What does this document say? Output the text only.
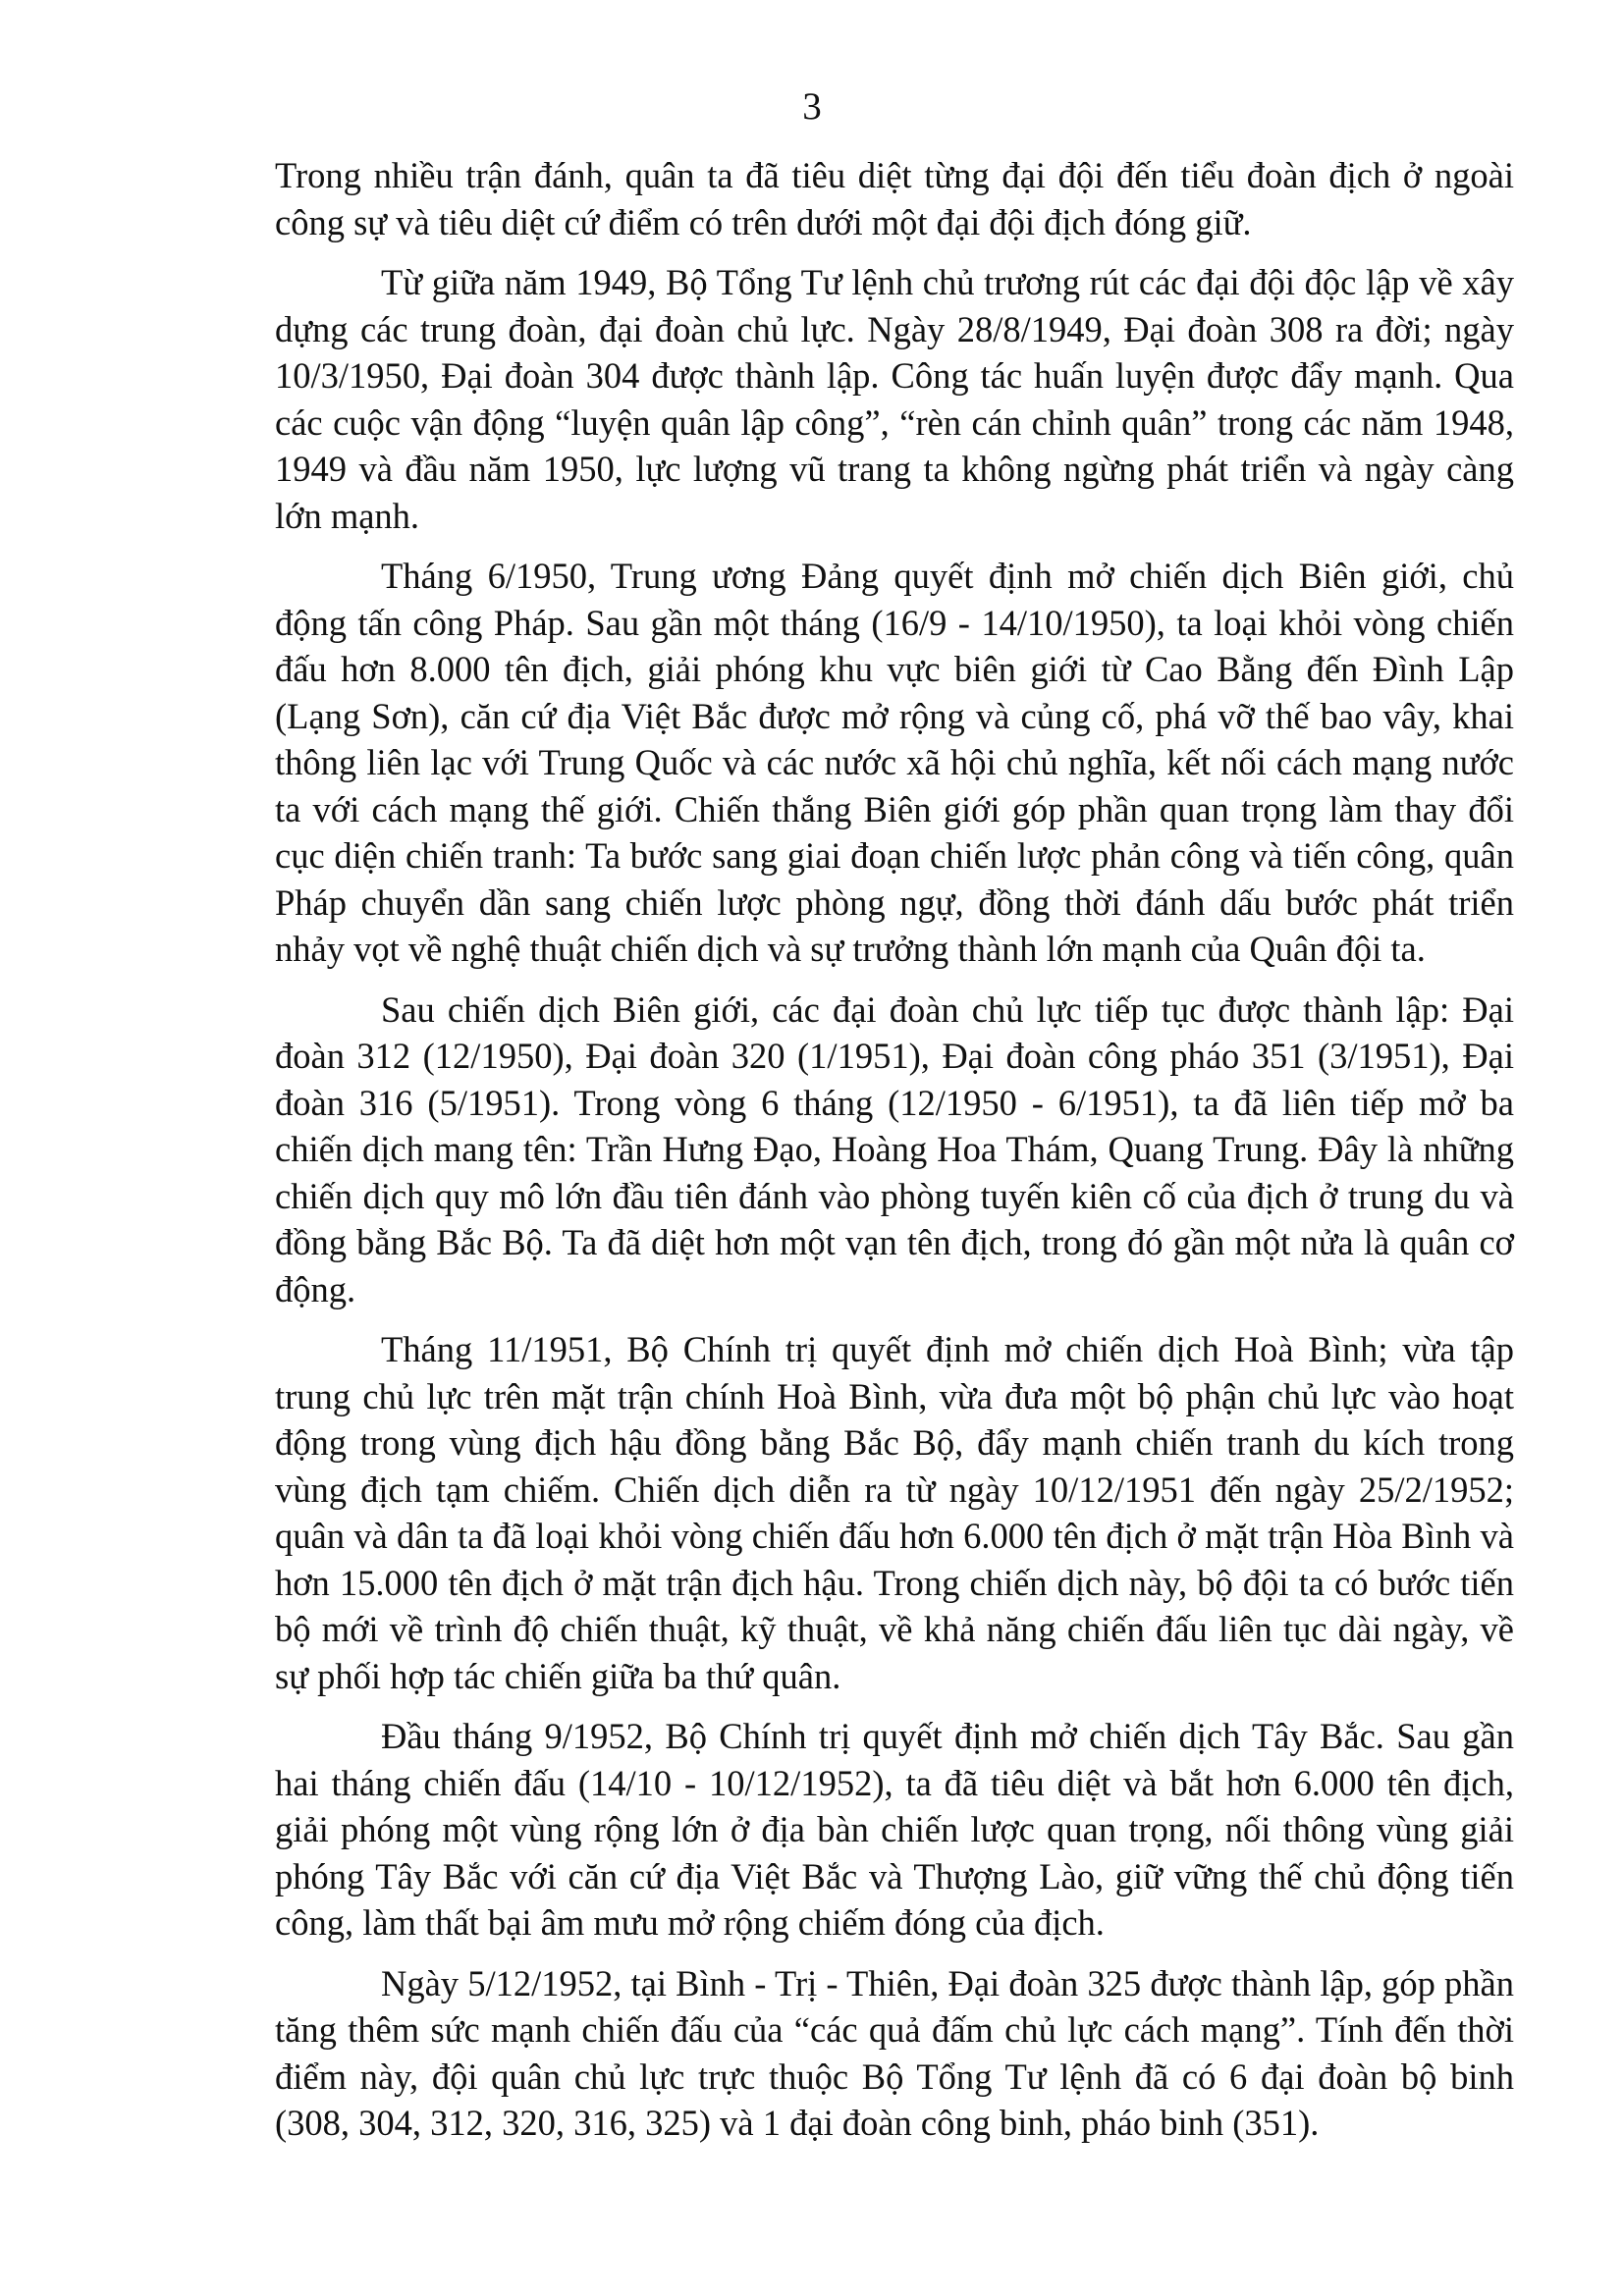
3

Trong nhiều trận đánh, quân ta đã tiêu diệt từng đại đội đến tiểu đoàn địch ở ngoài công sự và tiêu diệt cứ điểm có trên dưới một đại đội địch đóng giữ.

Từ giữa năm 1949, Bộ Tổng Tư lệnh chủ trương rút các đại đội độc lập về xây dựng các trung đoàn, đại đoàn chủ lực. Ngày 28/8/1949, Đại đoàn 308 ra đời; ngày 10/3/1950, Đại đoàn 304 được thành lập. Công tác huấn luyện được đẩy mạnh. Qua các cuộc vận động “luyện quân lập công”, “rèn cán chỉnh quân” trong các năm 1948, 1949 và đầu năm 1950, lực lượng vũ trang ta không ngừng phát triển và ngày càng lớn mạnh.

Tháng 6/1950, Trung ương Đảng quyết định mở chiến dịch Biên giới, chủ động tấn công Pháp. Sau gần một tháng (16/9 - 14/10/1950), ta loại khỏi vòng chiến đấu hơn 8.000 tên địch, giải phóng khu vực biên giới từ Cao Bằng đến Đình Lập (Lạng Sơn), căn cứ địa Việt Bắc được mở rộng và củng cố, phá vỡ thế bao vây, khai thông liên lạc với Trung Quốc và các nước xã hội chủ nghĩa, kết nối cách mạng nước ta với cách mạng thế giới. Chiến thắng Biên giới góp phần quan trọng làm thay đổi cục diện chiến tranh: Ta bước sang giai đoạn chiến lược phản công và tiến công, quân Pháp chuyển dần sang chiến lược phòng ngự, đồng thời đánh dấu bước phát triển nhảy vọt về nghệ thuật chiến dịch và sự trưởng thành lớn mạnh của Quân đội ta.

Sau chiến dịch Biên giới, các đại đoàn chủ lực tiếp tục được thành lập: Đại đoàn 312 (12/1950), Đại đoàn 320 (1/1951), Đại đoàn công pháo 351 (3/1951), Đại đoàn 316 (5/1951). Trong vòng 6 tháng (12/1950 - 6/1951), ta đã liên tiếp mở ba chiến dịch mang tên: Trần Hưng Đạo, Hoàng Hoa Thám, Quang Trung. Đây là những chiến dịch quy mô lớn đầu tiên đánh vào phòng tuyến kiên cố của địch ở trung du và đồng bằng Bắc Bộ. Ta đã diệt hơn một vạn tên địch, trong đó gần một nửa là quân cơ động.

Tháng 11/1951, Bộ Chính trị quyết định mở chiến dịch Hoà Bình; vừa tập trung chủ lực trên mặt trận chính Hoà Bình, vừa đưa một bộ phận chủ lực vào hoạt động trong vùng địch hậu đồng bằng Bắc Bộ, đẩy mạnh chiến tranh du kích trong vùng địch tạm chiếm. Chiến dịch diễn ra từ ngày 10/12/1951 đến ngày 25/2/1952; quân và dân ta đã loại khỏi vòng chiến đấu hơn 6.000 tên địch ở mặt trận Hòa Bình và hơn 15.000 tên địch ở mặt trận địch hậu. Trong chiến dịch này, bộ đội ta có bước tiến bộ mới về trình độ chiến thuật, kỹ thuật, về khả năng chiến đấu liên tục dài ngày, về sự phối hợp tác chiến giữa ba thứ quân.

Đầu tháng 9/1952, Bộ Chính trị quyết định mở chiến dịch Tây Bắc. Sau gần hai tháng chiến đấu (14/10 - 10/12/1952), ta đã tiêu diệt và bắt hơn 6.000 tên địch, giải phóng một vùng rộng lớn ở địa bàn chiến lược quan trọng, nối thông vùng giải phóng Tây Bắc với căn cứ địa Việt Bắc và Thượng Lào, giữ vững thế chủ động tiến công, làm thất bại âm mưu mở rộng chiếm đóng của địch.

Ngày 5/12/1952, tại Bình - Trị - Thiên, Đại đoàn 325 được thành lập, góp phần tăng thêm sức mạnh chiến đấu của “các quả đấm chủ lực cách mạng”. Tính đến thời điểm này, đội quân chủ lực trực thuộc Bộ Tổng Tư lệnh đã có 6 đại đoàn bộ binh (308, 304, 312, 320, 316, 325) và 1 đại đoàn công binh, pháo binh (351).
